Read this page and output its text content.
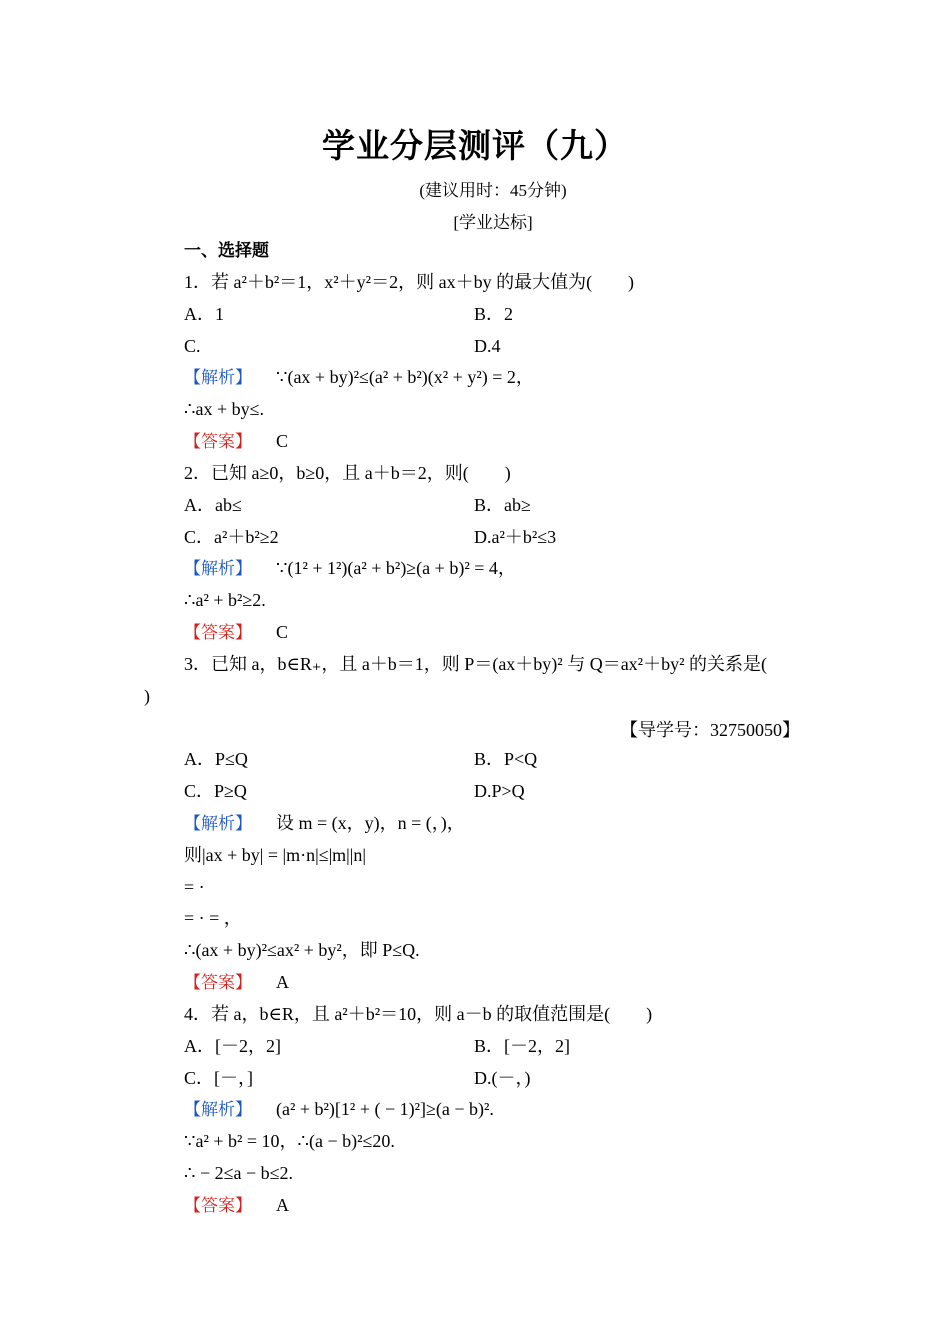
学业分层测评（九）
(建议用时：45分钟)
[学业达标]
一、选择题
1．若 a²＋b²＝1，x²＋y²＝2，则 ax＋by 的最大值为(　　)
A．1	B．2
C.	D.4
【解析】 ∵(ax + by)²≤(a² + b²)(x² + y²) = 2，
∴ax + by≤.
【答案】 C
2．已知 a≥0，b≥0，且 a＋b＝2，则(　　)
A．ab≤	B．ab≥
C．a²＋b²≥2	D.a²＋b²≤3
【解析】 ∵(1² + 1²)(a² + b²)≥(a + b)² = 4，
∴a² + b²≥2.
【答案】 C
3．已知 a，b∈R₊，且 a＋b＝1，则 P＝(ax＋by)² 与 Q＝ax²＋by² 的关系是(
)
【导学号：32750050】
A．P≤Q	B．P<Q
C．P≥Q	D.P>Q
【解析】 设 m = (x，y)，n = (，)，
则|ax + by| = |m·n|≤|m||n|
= ·
= · = ，
∴(ax + by)²≤ax² + by²，即 P≤Q.
【答案】 A
4．若 a，b∈R，且 a²＋b²＝10，则 a－b 的取值范围是(　　)
A．[－2，2]	B．[－2，2]
C．[－，]	D.(－，)
【解析】 (a² + b²)[1² + ( − 1)²]≥(a − b)².
∵a² + b² = 10，∴(a − b)²≤20.
∴ − 2≤a − b≤2.
【答案】 A
